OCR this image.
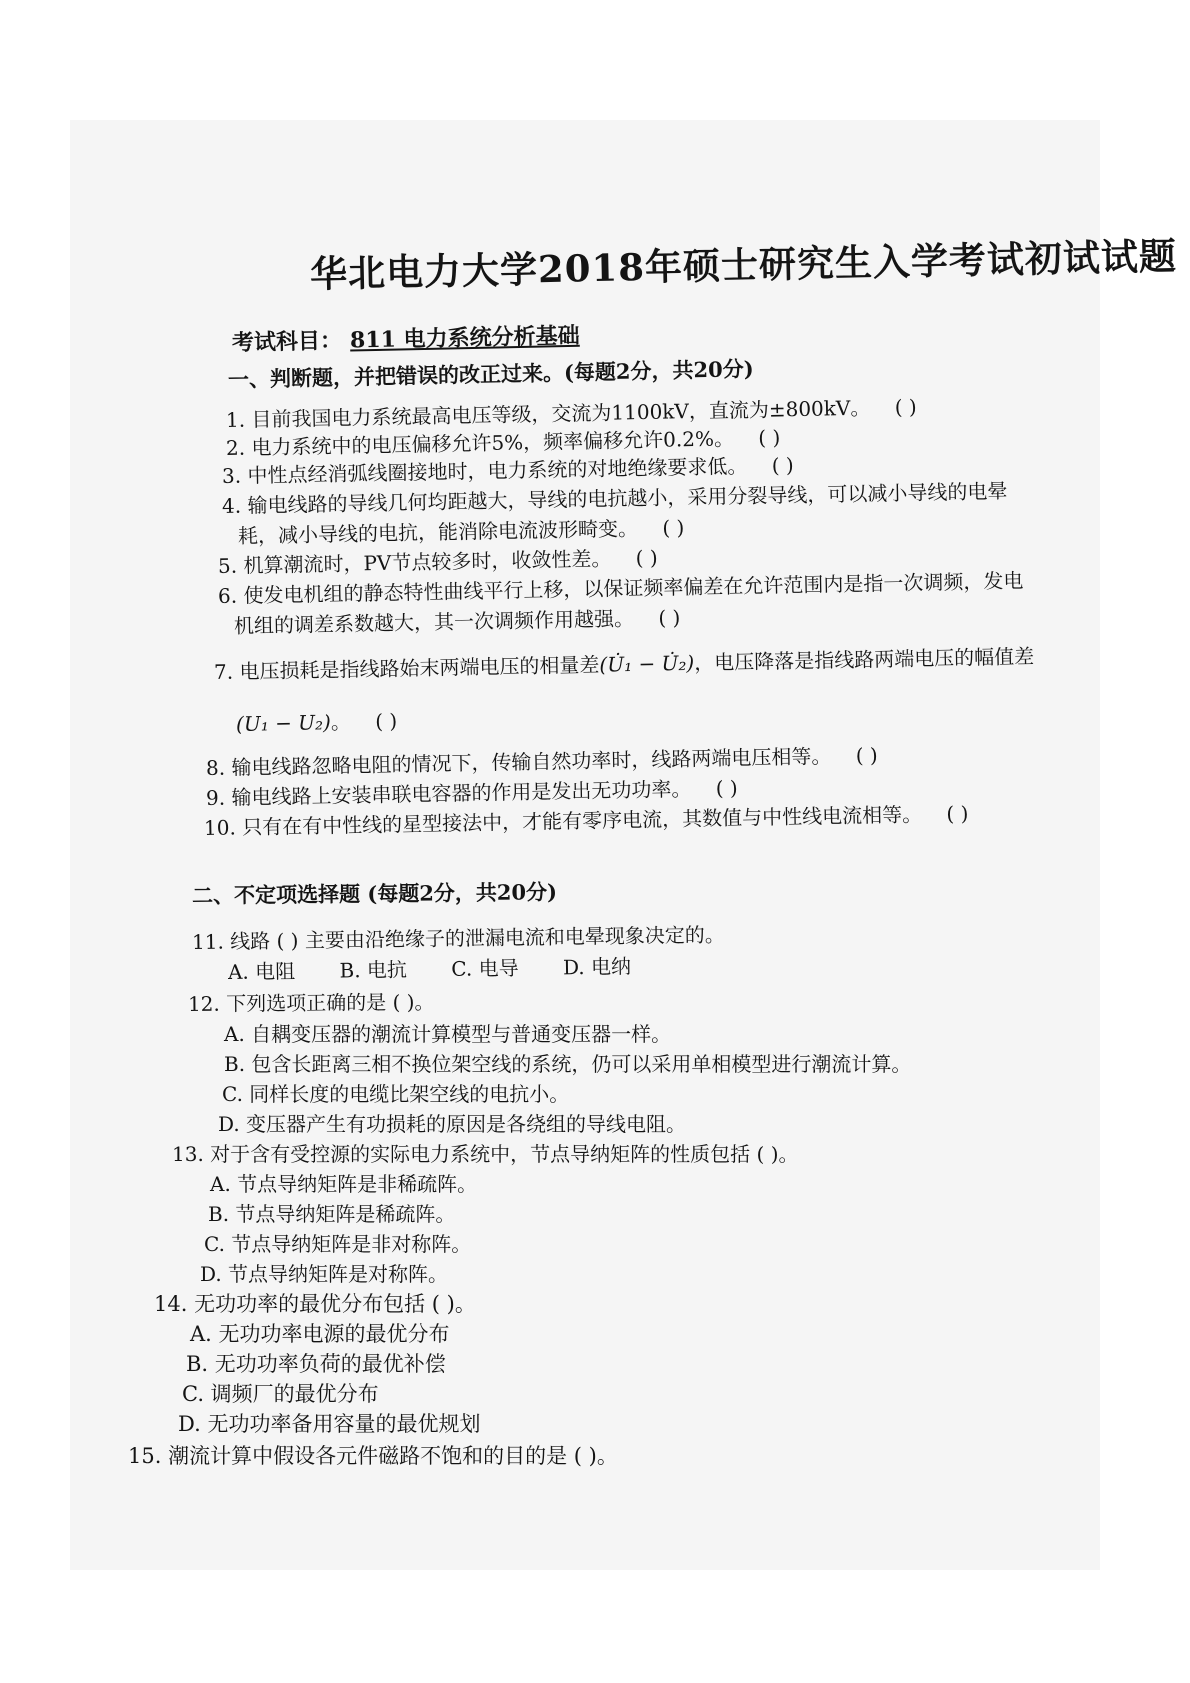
华北电力大学2018年硕士研究生入学考试初试试题
考试科目： 811 电力系统分析基础
一、判断题，并把错误的改正过来。(每题2分，共20分)
1. 目前我国电力系统最高电压等级，交流为1100kV，直流为±800kV。 ( )
2. 电力系统中的电压偏移允许5%，频率偏移允许0.2%。 ( )
3. 中性点经消弧线圈接地时，电力系统的对地绝缘要求低。 ( )
4. 输电线路的导线几何均距越大，导线的电抗越小，采用分裂导线，可以减小导线的电晕
耗，减小导线的电抗，能消除电流波形畸变。 ( )
5. 机算潮流时，PV节点较多时，收敛性差。 ( )
6. 使发电机组的静态特性曲线平行上移，以保证频率偏差在允许范围内是指一次调频，发电
机组的调差系数越大，其一次调频作用越强。 ( )
7. 电压损耗是指线路始末两端电压的相量差(U̇₁ − U̇₂)，电压降落是指线路两端电压的幅值差
(U₁ − U₂)。 ( )
8. 输电线路忽略电阻的情况下，传输自然功率时，线路两端电压相等。 ( )
9. 输电线路上安装串联电容器的作用是发出无功功率。 ( )
10. 只有在有中性线的星型接法中，才能有零序电流，其数值与中性线电流相等。 ( )
二、不定项选择题 (每题2分，共20分)
11. 线路 ( ) 主要由沿绝缘子的泄漏电流和电晕现象决定的。
A. 电阻 B. 电抗 C. 电导 D. 电纳
12. 下列选项正确的是 ( )。
A. 自耦变压器的潮流计算模型与普通变压器一样。
B. 包含长距离三相不换位架空线的系统，仍可以采用单相模型进行潮流计算。
C. 同样长度的电缆比架空线的电抗小。
D. 变压器产生有功损耗的原因是各绕组的导线电阻。
13. 对于含有受控源的实际电力系统中，节点导纳矩阵的性质包括 ( )。
A. 节点导纳矩阵是非稀疏阵。
B. 节点导纳矩阵是稀疏阵。
C. 节点导纳矩阵是非对称阵。
D. 节点导纳矩阵是对称阵。
14. 无功功率的最优分布包括 ( )。
A. 无功功率电源的最优分布
B. 无功功率负荷的最优补偿
C. 调频厂的最优分布
D. 无功功率备用容量的最优规划
15. 潮流计算中假设各元件磁路不饱和的目的是 ( )。
